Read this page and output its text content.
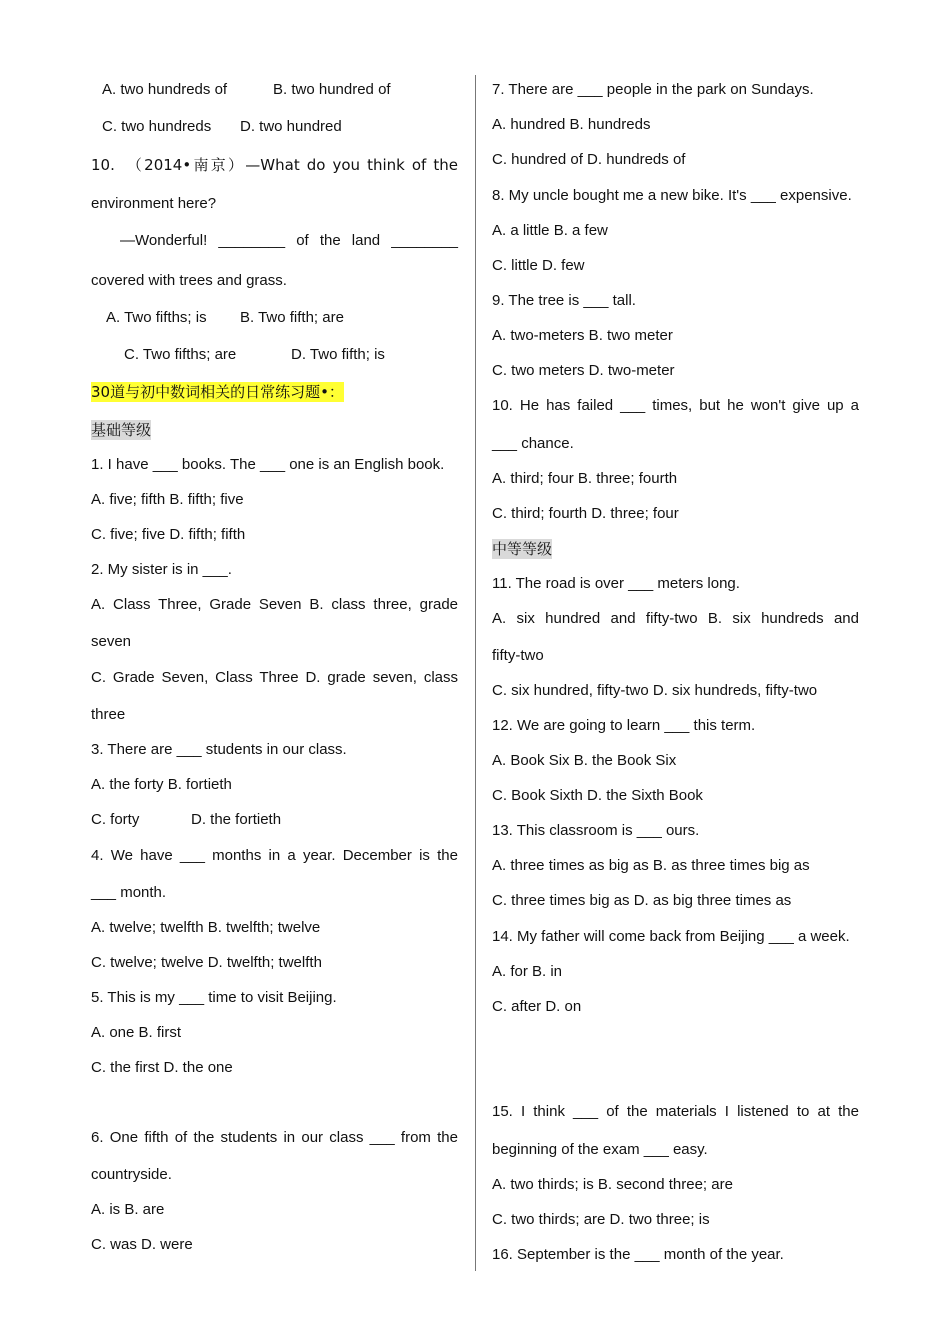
A. two hundreds of	B. two hundred of
C. two hundreds D. two hundred
10.　（2014•南京）—What do you think of the
environment here?
—Wonderful! ________ of the land ________
covered with trees and grass.
A. Two fifths; is B. Two fifth; are
C. Two fifths; are	D. Two fifth; is
30道与初中数词相关的日常练习题•：
基础等级
1. I have ___ books. The ___ one is an English book.
A. five; fifth B. fifth; five
C. five; five D. fifth; fifth
2. My sister is in ___.
A. Class Three, Grade Seven B. class three, grade
seven
C. Grade Seven, Class Three D. grade seven, class
three
3. There are ___ students in our class.
A. the forty B. fortieth
C. forty	D. the fortieth
4. We have ___ months in a year. December is the
___ month.
A. twelve; twelfth B. twelfth; twelve
C. twelve; twelve D. twelfth; twelfth
5. This is my ___ time to visit Beijing.
A. one B. first
C. the first D. the one
6. One fifth of the students in our class ___ from the
countryside.
A. is B. are
C. was D. were
7. There are ___ people in the park on Sundays.
A. hundred B. hundreds
C. hundred of D. hundreds of
8. My uncle bought me a new bike. It's ___ expensive.
A. a little B. a few
C. little D. few
9. The tree is ___ tall.
A. two-meters B. two meter
C. two meters D. two-meter
10. He has failed ___ times, but he won't give up a
___ chance.
A. third; four B. three; fourth
C. third; fourth D. three; four
中等等级
11. The road is over ___ meters long.
A. six hundred and fifty-two B. six hundreds and
fifty-two
C. six hundred, fifty-two D. six hundreds, fifty-two
12. We are going to learn ___ this term.
A. Book Six B. the Book Six
C. Book Sixth D. the Sixth Book
13. This classroom is ___ ours.
A. three times as big as B. as three times big as
C. three times big as D. as big three times as
14. My father will come back from Beijing ___ a week.
A. for B. in
C. after D. on
15. I think ___ of the materials I listened to at the
beginning of the exam ___ easy.
A. two thirds; is B. second three; are
C. two thirds; are D. two three; is
16. September is the ___ month of the year.
